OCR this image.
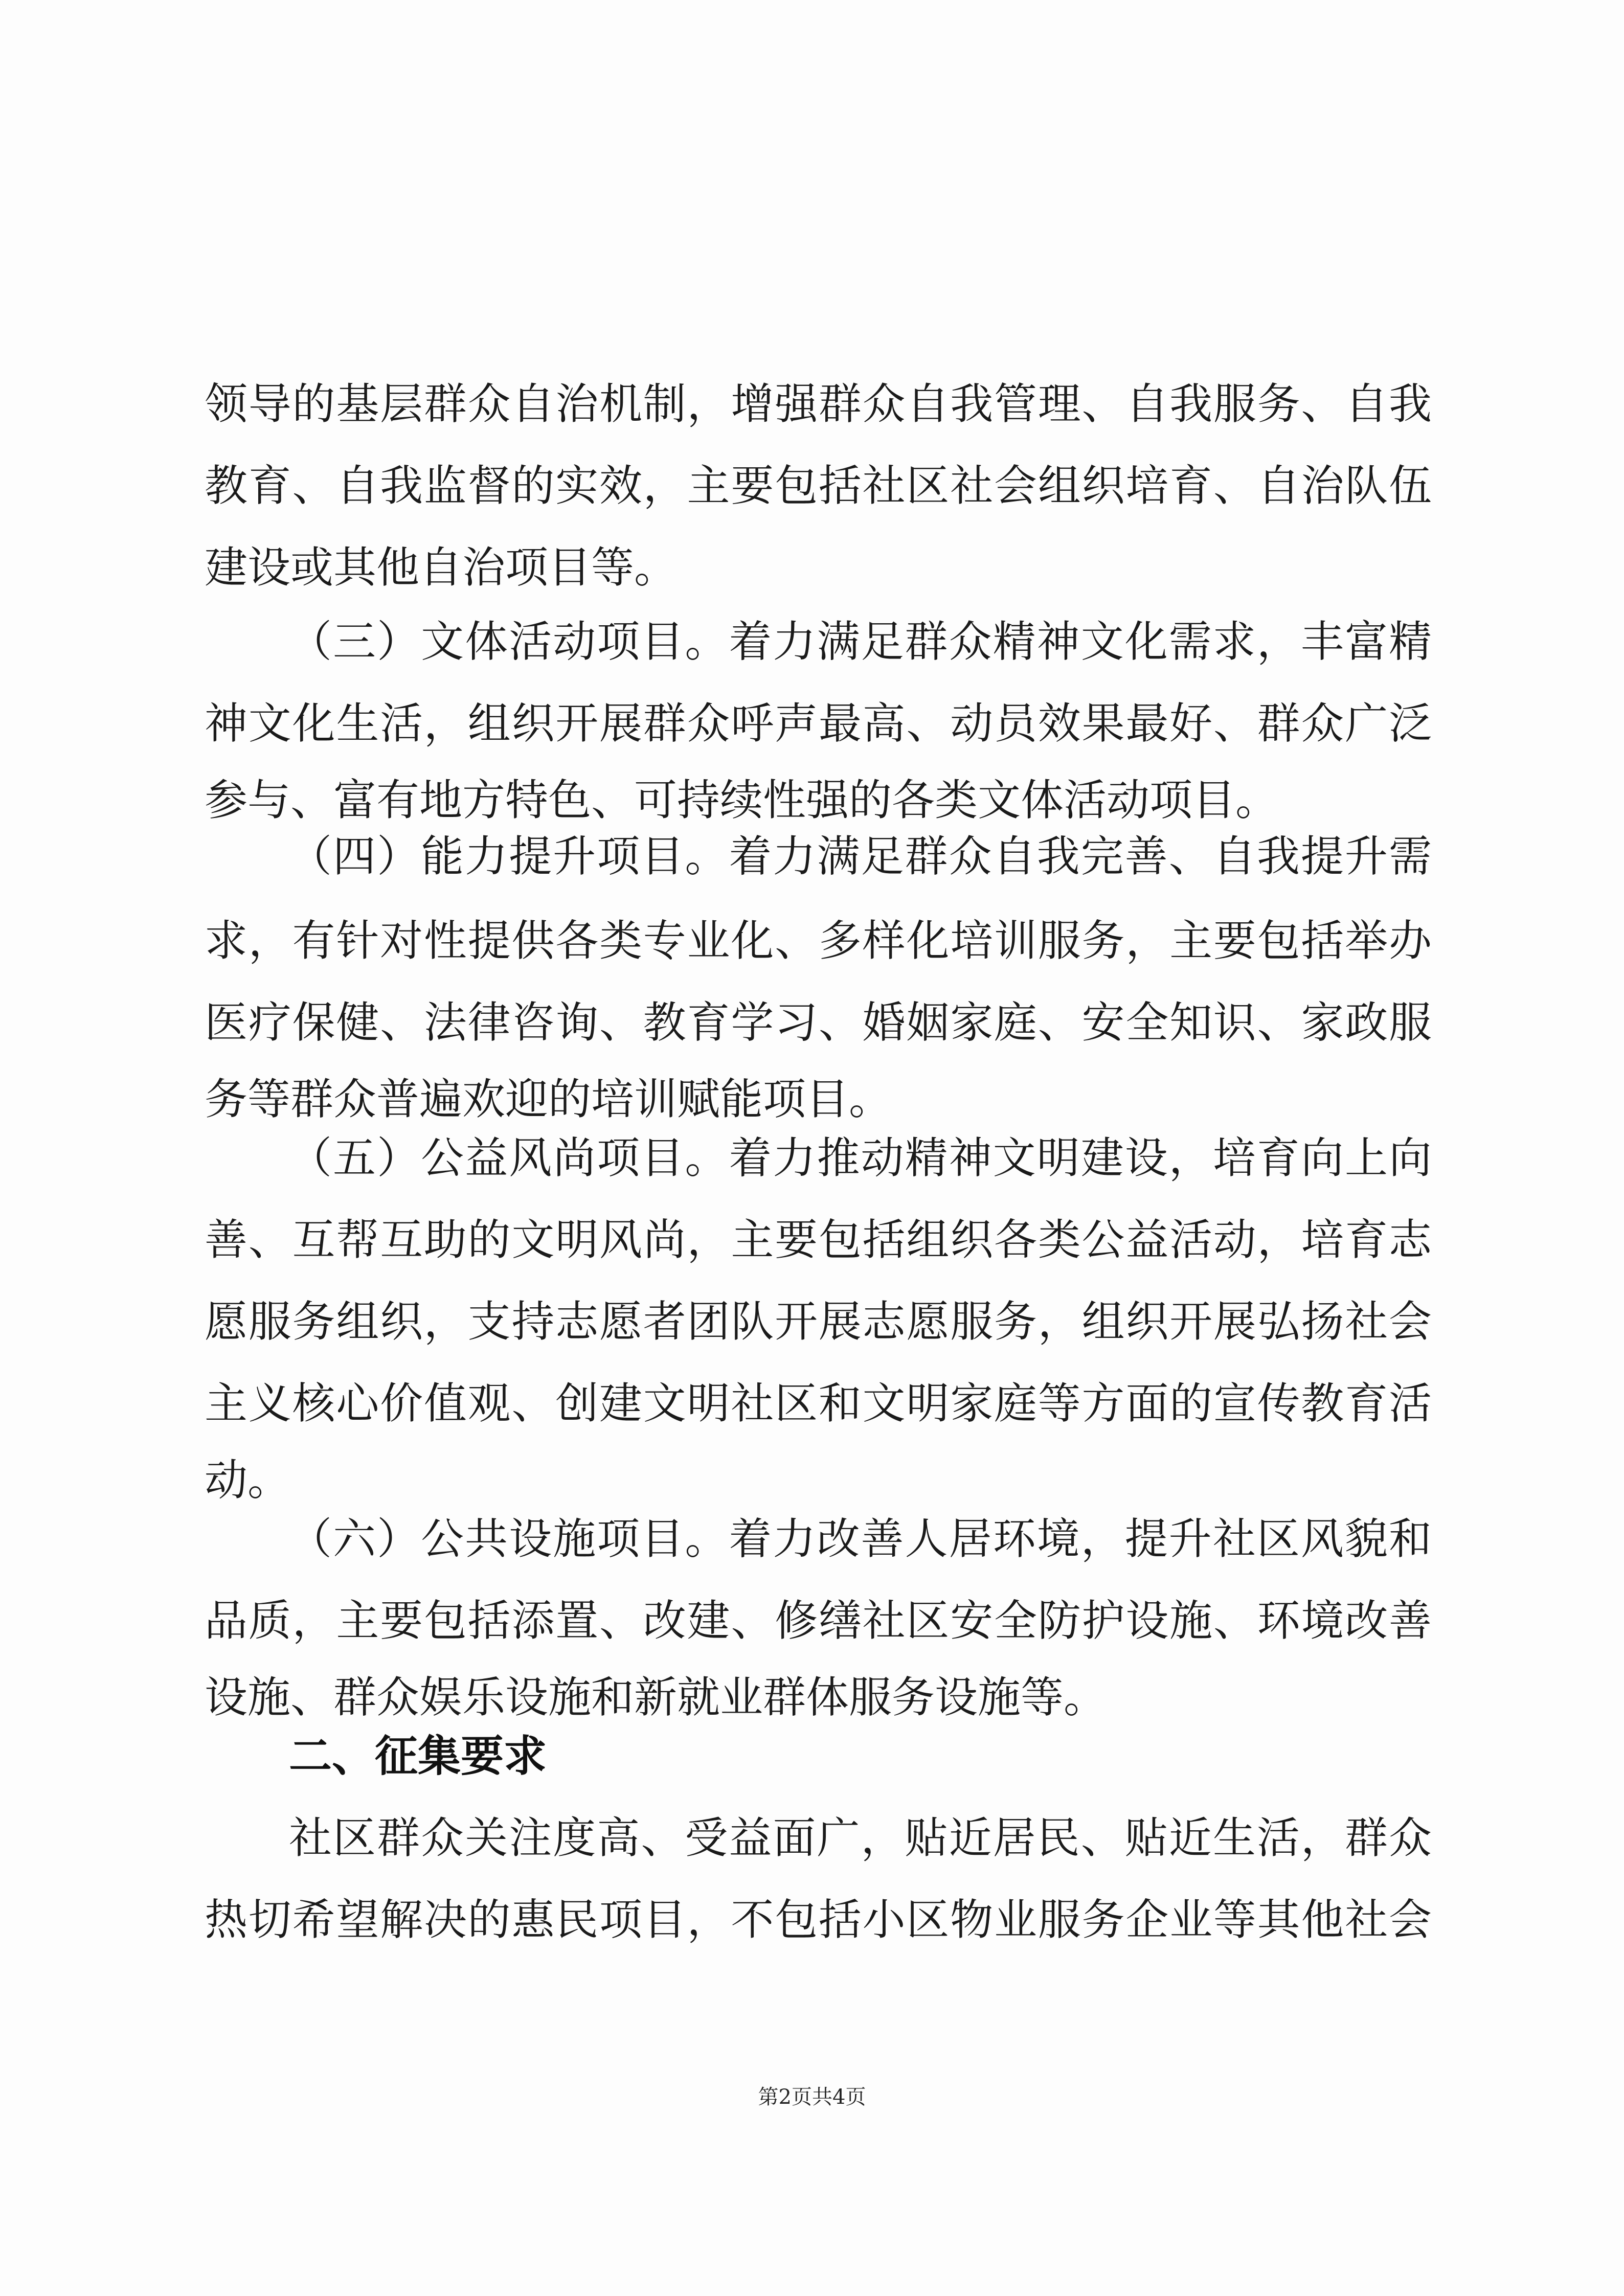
领导的基层群众自治机制，增强群众自我管理、自我服务、自我
教育、自我监督的实效，主要包括社区社会组织培育、自治队伍
建设或其他自治项目等。
（三）文体活动项目。着力满足群众精神文化需求，丰富精
神文化生活，组织开展群众呼声最高、动员效果最好、群众广泛
参与、富有地方特色、可持续性强的各类文体活动项目。
（四）能力提升项目。着力满足群众自我完善、自我提升需
求，有针对性提供各类专业化、多样化培训服务，主要包括举办
医疗保健、法律咨询、教育学习、婚姻家庭、安全知识、家政服
务等群众普遍欢迎的培训赋能项目。
（五）公益风尚项目。着力推动精神文明建设，培育向上向
善、互帮互助的文明风尚，主要包括组织各类公益活动，培育志
愿服务组织，支持志愿者团队开展志愿服务，组织开展弘扬社会
主义核心价值观、创建文明社区和文明家庭等方面的宣传教育活
动。
（六）公共设施项目。着力改善人居环境，提升社区风貌和
品质，主要包括添置、改建、修缮社区安全防护设施、环境改善
设施、群众娱乐设施和新就业群体服务设施等。
二、征集要求
社区群众关注度高、受益面广，贴近居民、贴近生活，群众
热切希望解决的惠民项目，不包括小区物业服务企业等其他社会
第2页共4页
